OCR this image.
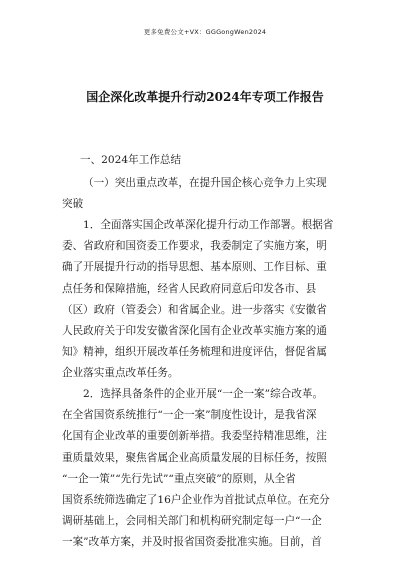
更多免费公文+VX：GGGongWen2024
国企深化改革提升行动2024年专项工作报告
一、2024年工作总结
（一）突出重点改革，在提升国企核心竞争力上实现
突破
1．全面落实国企改革深化提升行动工作部署。根据省
委、省政府和国资委工作要求，我委制定了实施方案，明
确了开展提升行动的指导思想、基本原则、工作目标、重
点任务和保障措施，经省人民政府同意后印发各市、县
（区）政府（管委会）和省属企业。进一步落实《安徽省
人民政府关于印发安徽省深化国有企业改革实施方案的通
知》精神，组织开展改革任务梳理和进度评估，督促省属
企业落实重点改革任务。
2．选择具备条件的企业开展“一企一案”综合改革。
在全省国资系统推行“一企一案”制度性设计，是我省深
化国有企业改革的重要创新举措。我委坚持精准思维，注
重质量效果，聚焦省属企业高质量发展的目标任务，按照
“一企一策”“先行先试”“重点突破”的原则，从全省
国资系统筛选确定了16户企业作为首批试点单位。在充分
调研基础上，会同相关部门和机构研究制定每一户“一企
一案”改革方案，并及时报省国资委批准实施。目前，首
